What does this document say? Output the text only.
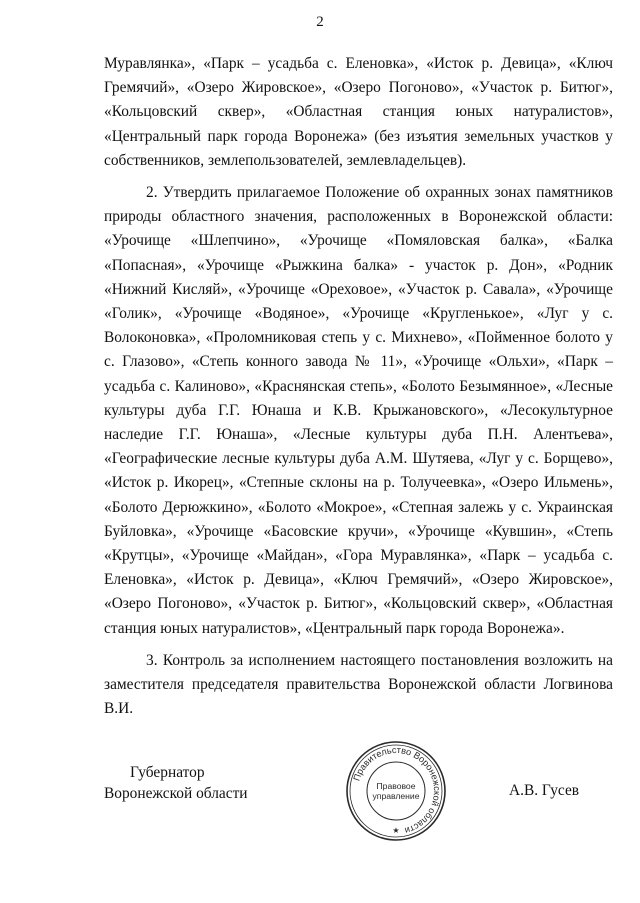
2

Муравлянка», «Парк – усадьба с. Еленовка», «Исток р. Девица», «Ключ Гремячий», «Озеро Жировское», «Озеро Погоново», «Участок р. Битюг», «Кольцовский сквер», «Областная станция юных натуралистов», «Центральный парк города Воронежа» (без изъятия земельных участков у собственников, землепользователей, землевладельцев).

2. Утвердить прилагаемое Положение об охранных зонах памятников природы областного значения, расположенных в Воронежской области: «Урочище «Шлепчино», «Урочище «Помяловская балка», «Балка «Попасная», «Урочище «Рыжкина балка» - участок р. Дон», «Родник «Нижний Кисляй», «Урочище «Ореховое», «Участок р. Савала», «Урочище «Голик», «Урочище «Водяное», «Урочище «Кругленькое», «Луг у с. Волоконовка», «Проломниковая степь у с. Михнево», «Пойменное болото у с. Глазово», «Степь конного завода № 11», «Урочище «Ольхи», «Парк – усадьба с. Калиново», «Краснянская степь», «Болото Безымянное», «Лесные культуры дуба Г.Г. Юнаша и К.В. Крыжановского», «Лесокультурное наследие Г.Г. Юнаша», «Лесные культуры дуба П.Н. Алентьева», «Географические лесные культуры дуба А.М. Шутяева, «Луг у с. Борщево», «Исток р. Икорец», «Степные склоны на р. Толучеевка», «Озеро Ильмень», «Болото Дерюжкино», «Болото «Мокрое», «Степная залежь у с. Украинская Буйловка», «Урочище «Басовские кручи», «Урочище «Кувшин», «Степь «Крутцы», «Урочище «Майдан», «Гора Муравлянка», «Парк – усадьба с. Еленовка», «Исток р. Девица», «Ключ Гремячий», «Озеро Жировское», «Озеро Погоново», «Участок р. Битюг», «Кольцовский сквер», «Областная станция юных натуралистов», «Центральный парк города Воронежа».

3. Контроль за исполнением настоящего постановления возложить на заместителя председателя правительства Воронежской области Логвинова В.И.

Губернатор
Воронежской области
Правительство Воронежской области
Правовое
управление
★
А.В. Гусев
